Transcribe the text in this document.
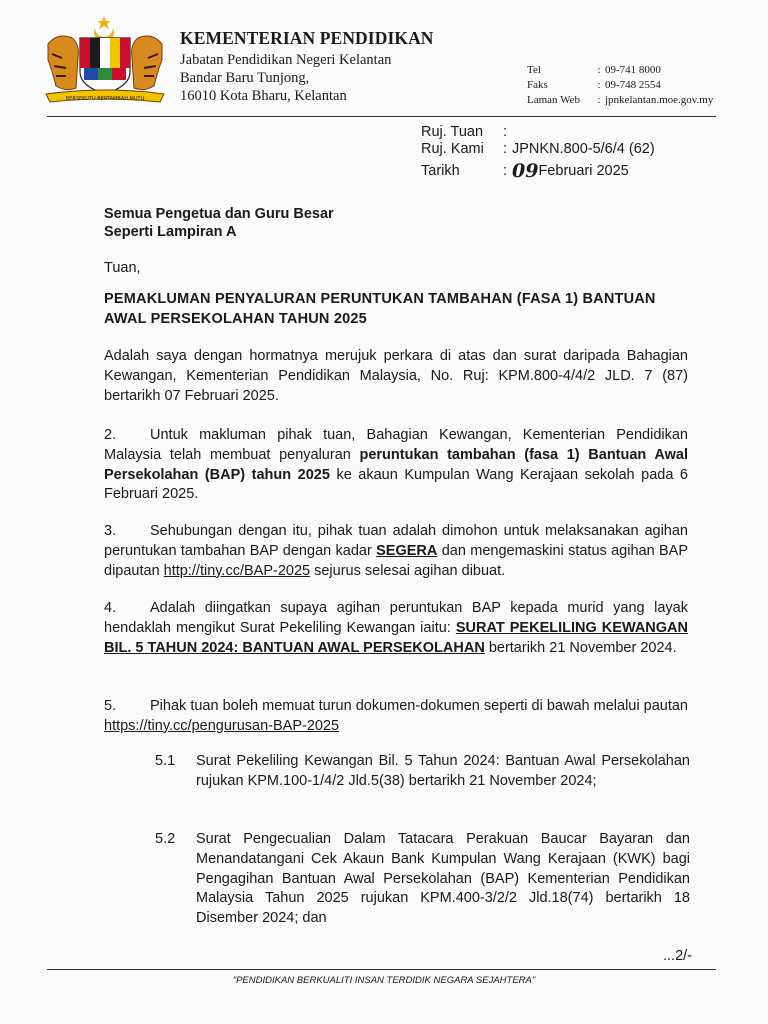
BERSEKUTU BERTAMBAH MUTU
KEMENTERIAN PENDIDIKAN
Jabatan Pendidikan Negeri Kelantan
Bandar Baru Tunjong,
16010 Kota Bharu, Kelantan
Tel	: 09-741 8000
Faks	: 09-748 2554
Laman Web : jpnkelantan.moe.gov.my
Ruj. Tuan :
Ruj. Kami : JPNKN.800-5/6/4 (62)
Tarikh	: 09Februari 2025
Semua Pengetua dan Guru Besar
Seperti Lampiran A
Tuan,
PEMAKLUMAN PENYALURAN PERUNTUKAN TAMBAHAN (FASA 1) BANTUAN AWAL PERSEKOLAHAN TAHUN 2025
Adalah saya dengan hormatnya merujuk perkara di atas dan surat daripada Bahagian Kewangan, Kementerian Pendidikan Malaysia, No. Ruj: KPM.800-4/4/2 JLD. 7 (87) bertarikh 07 Februari 2025.
2. Untuk makluman pihak tuan, Bahagian Kewangan, Kementerian Pendidikan Malaysia telah membuat penyaluran peruntukan tambahan (fasa 1) Bantuan Awal Persekolahan (BAP) tahun 2025 ke akaun Kumpulan Wang Kerajaan sekolah pada 6 Februari 2025.
3. Sehubungan dengan itu, pihak tuan adalah dimohon untuk melaksanakan agihan peruntukan tambahan BAP dengan kadar SEGERA dan mengemaskini status agihan BAP dipautan http://tiny.cc/BAP-2025 sejurus selesai agihan dibuat.
4. Adalah diingatkan supaya agihan peruntukan BAP kepada murid yang layak hendaklah mengikut Surat Pekeliling Kewangan iaitu: SURAT PEKELILING KEWANGAN BIL. 5 TAHUN 2024: BANTUAN AWAL PERSEKOLAHAN bertarikh 21 November 2024.
5. Pihak tuan boleh memuat turun dokumen-dokumen seperti di bawah melalui pautan https://tiny.cc/pengurusan-BAP-2025
5.1 Surat Pekeliling Kewangan Bil. 5 Tahun 2024: Bantuan Awal Persekolahan rujukan KPM.100-1/4/2 Jld.5(38) bertarikh 21 November 2024;
5.2 Surat Pengecualian Dalam Tatacara Perakuan Baucar Bayaran dan Menandatangani Cek Akaun Bank Kumpulan Wang Kerajaan (KWK) bagi Pengagihan Bantuan Awal Persekolahan (BAP) Kementerian Pendidikan Malaysia Tahun 2025 rujukan KPM.400-3/2/2 Jld.18(74) bertarikh 18 Disember 2024; dan
...2/-
"PENDIDIKAN BERKUALITI INSAN TERDIDIK NEGARA SEJAHTERA"
